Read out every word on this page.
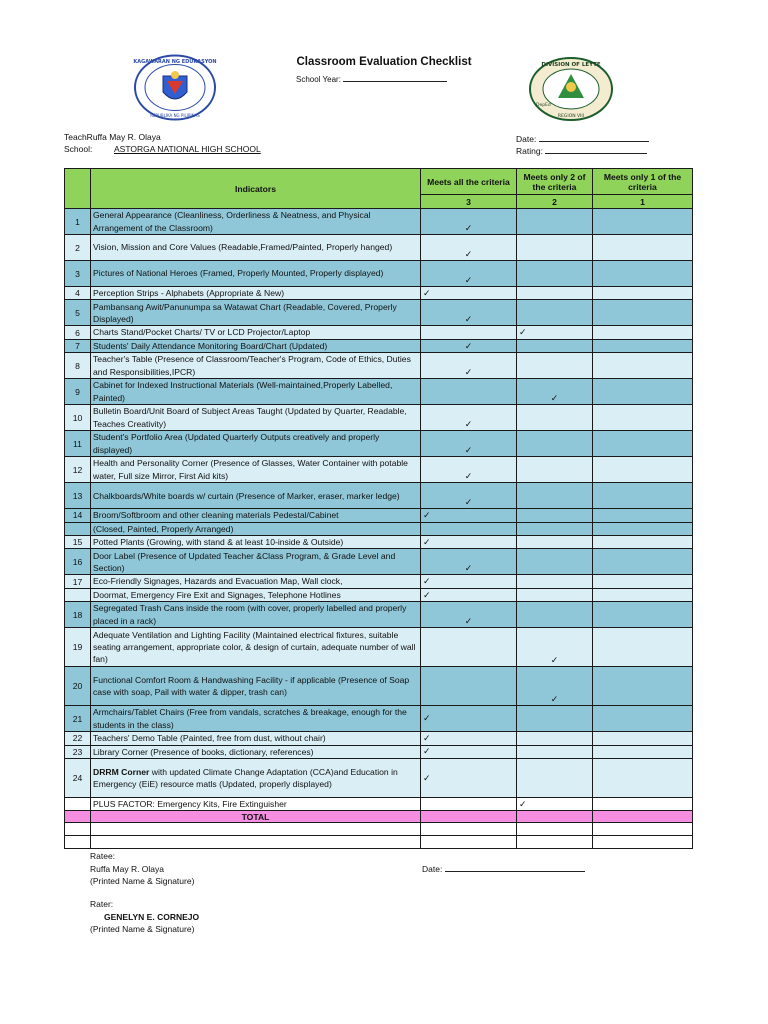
KAGAWARAN NG EDUKASYON
REPUBLIKA NG PILIPINAS
DIVISION OF LEYTE
REGION VIII
DepEd
Classroom Evaluation Checklist
School Year:
TeachRuffa May R. Olaya
School:	ASTORGA NATIONAL HIGH SCHOOL
Date:
Rating:
	Indicators	Meets all the criteria	Meets only 2 of the criteria	Meets only 1 of the criteria
		3	2	1
1	General Appearance (Cleanliness, Orderliness & Neatness, and Physical Arrangement of the Classroom)	✓		
2	Vision, Mission and Core Values (Readable,Framed/Painted, Properly hanged)	✓		
3	Pictures of National Heroes (Framed, Properly Mounted, Properly displayed)	✓		
4	Perception Strips - Alphabets (Appropriate & New)	✓		
5	Pambansang Awit/Panunumpa sa Watawat Chart (Readable, Covered, Properly Displayed)	✓		
6	Charts Stand/Pocket Charts/ TV or LCD Projector/Laptop		✓	
7	Students' Daily Attendance Monitoring Board/Chart (Updated)	✓		
8	Teacher's Table (Presence of Classroom/Teacher's Program, Code of Ethics, Duties and Responsibilities,IPCR)	✓		
9	Cabinet for Indexed Instructional Materials (Well-maintained,Properly Labelled, Painted)		✓	
10	Bulletin Board/Unit Board of Subject Areas Taught (Updated by Quarter, Readable, Teaches Creativity)	✓		
11	Student's Portfolio Area (Updated Quarterly Outputs creatively and properly displayed)	✓		
12	Health and Personality Corner (Presence of Glasses, Water Container with potable water, Full size Mirror, First Aid kits)	✓		
13	Chalkboards/White boards w/ curtain (Presence of Marker, eraser, marker ledge)	✓		
14	Broom/Softbroom and other cleaning materials Pedestal/Cabinet	✓		
	(Closed, Painted, Properly Arranged)			
15	Potted Plants (Growing, with stand & at least 10-inside & Outside)	✓		
16	Door Label (Presence of Updated Teacher &Class Program, & Grade Level and Section)	✓		
17	Eco-Friendly Signages, Hazards and Evacuation Map, Wall clock,	✓		
	Doormat, Emergency Fire Exit and Signages, Telephone Hotlines	✓		
18	Segregated Trash Cans inside the room (with cover, properly labelled and properly placed in a rack)	✓		
19	Adequate Ventilation and Lighting Facility (Maintained electrical fixtures, suitable seating arrangement, appropriate color, & design of curtain, adequate number of wall fan)		✓	
20	Functional Comfort Room & Handwashing Facility - if applicable (Presence of Soap case with soap, Pail with water & dipper, trash can)		✓	
21	Armchairs/Tablet Chairs (Free from vandals, scratches & breakage, enough for the students in the class)	✓		
22	Teachers' Demo Table (Painted, free from dust, without chair)	✓		
23	Library Corner (Presence of books, dictionary, references)	✓		
24	DRRM Corner with updated Climate Change Adaptation (CCA)and Education in Emergency (EiE) resource matls (Updated, properly displayed)	✓		
	PLUS FACTOR: Emergency Kits, Fire Extinguisher		✓	
	TOTAL			

Ratee:
Ruffa May R. Olaya
(Printed Name & Signature)
Date:
Rater:
GENELYN E. CORNEJO
(Printed Name & Signature)
